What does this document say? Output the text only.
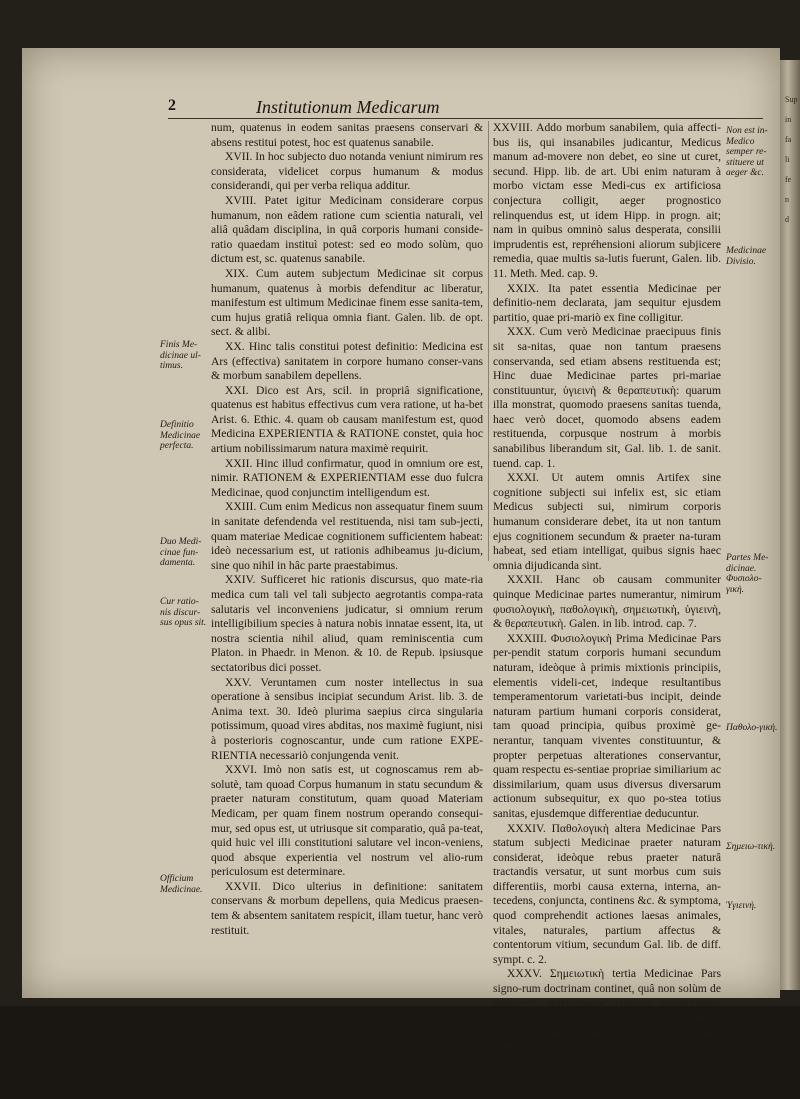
2	Institutionum Medicarum

num, quatenus in eodem sanitas praesens conservari & absens restitui potest, hoc est quatenus sanabile.

XVII. In hoc subjecto duo notanda veniunt nimirum res considerata, videlicet corpus humanum & modus considerandi, qui per verba reliqua additur.

XVIII. Patet igitur Medicinam considerare corpus humanum, non eâdem ratione cum scientia naturali, vel aliâ quâdam disciplina, in quâ corporis humani conside-ratio quaedam instituì potest: sed eo modo solùm, quo dictum est, sc. quatenus sanabile.

XIX. Cum autem subjectum Medicinae sit corpus humanum, quatenus à morbis defenditur ac liberatur, manifestum est ultimum Medicinae finem esse sanita-tem, cum hujus gratiâ reliqua omnia fiant. Galen. lib. de opt. sect. & alibi.

XX. Hinc talis constitui potest definitio: Medicina est Ars (effectiva) sanitatem in corpore humano conser-vans & morbum sanabilem depellens.

XXI. Dico est Ars, scil. in propriâ significatione, quatenus est habitus effectivus cum vera ratione, ut ha-bet Arist. 6. Ethic. 4. quam ob causam manifestum est, quod Medicina EXPERIENTIA & RATIONE constet, quia hoc artium nobilissimarum natura maximè requirit.

XXII. Hinc illud confirmatur, quod in omnium ore est, nimir. RATIONEM & EXPERIENTIAM esse duo fulcra Medicinae, quod conjunctim intelligendum est.

XXIII. Cum enim Medicus non assequatur finem suum in sanitate defendenda vel restituenda, nisi tam sub-jecti, quam materiae Medicae cognitionem sufficientem habeat: ideò necessarium est, ut rationis adhibeamus ju-dicium, sine quo nihil in hâc parte praestabimus.

XXIV. Sufficeret hic rationis discursus, quo mate-ria medica cum tali vel tali subjecto aegrotantis compa-rata salutaris vel inconveniens judicatur, si omnium rerum intelligibilium species à natura nobis innatae essent, ita, ut nostra scientia nihil aliud, quam reminiscentia cum Platon. in Phaedr. in Menon. & 10. de Repub. ipsiusque sectatoribus dici posset.

XXV. Veruntamen cum noster intellectus in sua operatione à sensibus incipiat secundum Arist. lib. 3. de Anima text. 30. Ideò plurima saepius circa singularia potissimum, quoad vires abditas, nos maximè fugiunt, nisi à posterioris cognoscantur, unde cum ratione EXPE-RIENTIA necessariò conjungenda venit.

XXVI. Imò non satis est, ut cognoscamus rem ab-solutè, tam quoad Corpus humanum in statu secundum & praeter naturam constitutum, quam quoad Materiam Medicam, per quam finem nostrum operando consequi-mur, sed opus est, ut utriusque sit comparatio, quâ pa-teat, quid huic vel illi constitutioni salutare vel incon-veniens, quod absque experientia vel nostrum vel alio-rum periculosum est determinare.

XXVII. Dico ulterius in definitione: sanitatem conservans & morbum depellens, quia Medicus praesen-tem & absentem sanitatem respicit, illam tuetur, hanc verò restituit.

XXVIII. Addo morbum sanabilem, quia affecti-bus iis, qui insanabiles judicantur, Medicus manum ad-movere non debet, eo sine ut curet, secund. Hipp. lib. de art. Ubi enim naturam à morbo victam esse Medi-cus ex artificiosa conjectura colligit, aeger prognostico relinquendus est, ut idem Hipp. in progn. ait; nam in quibus omninò salus desperata, consilii imprudentis est, repréhensioni aliorum subjicere remedia, quae multis sa-lutis fuerunt, Galen. lib. 11. Meth. Med. cap. 9.

XXIX. Ita patet essentia Medicinae per definitio-nem declarata, jam sequitur ejusdem partitio, quae pri-mariò ex fine colligitur.

XXX. Cum verò Medicinae praecipuus finis sit sa-nitas, quae non tantum praesens conservanda, sed etiam absens restituenda est; Hinc duae Medicinae partes pri-mariae constituuntur, ὑγιεινὴ & θεραπευτικὴ: quarum illa monstrat, quomodo praesens sanitas tuenda, haec verò docet, quomodo absens eadem restituenda, corpusque nostrum à morbis sanabilibus liberandum sit, Gal. lib. 1. de sanit. tuend. cap. 1.

XXXI. Ut autem omnis Artifex sine cognitione subjecti sui infelix est, sic etiam Medicus subjecti sui, nimirum corporis humanum considerare debet, ita ut non tantum ejus cognitionem secundum & praeter na-turam habeat, sed etiam intelligat, quibus signis haec omnia dijudicanda sint.

XXXII. Hanc ob causam communiter quinque Medicinae partes numerantur, nimirum φυσιολογικὴ, παθολογικὴ, σημειωτικὴ, ὑγιεινὴ, & θεραπευτικὴ. Galen. in lib. introd. cap. 7.

XXXIII. Φυσιολογικὴ Prima Medicinae Pars per-pendit statum corporis humani secundum naturam, ideòque à primis mixtionis principiis, elementis videli-cet, indeque resultantibus temperamentorum varietati-bus incipit, deinde naturam partium humani corporis considerat, tam quoad principia, quibus proximè ge-nerantur, tanquam viventes constituuntur, & propter perpetuas alterationes conservantur, quam respectu es-sentiae propriae similiarium ac dissimilarium, quam usus diversus diversarum actionum subsequitur, ex quo po-stea totius sanitas, ejusdemque differentiae deducuntur.

XXXIV. Παθολογικὴ altera Medicinae Pars statum subjecti Medicinae praeter naturam considerat, ideòque rebus praeter naturâ tractandis versatur, ut sunt morbus cum suis differentiis, morbi causa externa, interna, an-tecedens, conjuncta, continens &c. & symptoma, quod comprehendit actiones laesas animales, vitales, naturales, partium affectus & contentorum vitium, secundum Gal. lib. de diff. sympt. c. 2.

XXXV. Σημειωτικὴ tertia Medicinae Pars signo-rum doctrinam continet, quâ non solùm de praesenti, praeteritaque corporis constitutione judicamus, sed et-iam comparatione morbi ac natura subjecti eventum talem vel talem praedicimus.

XXXVI. Ὑγιεινὴ quarta Medicinae Pars, ea pro-ponit, quae ad sanitatem tuendam faciunt, sive ea-dem

Finis Me-dicinae ul-timus.
Definitio Medicinae perfecta.
Duo Medi-cinae fun-damenta.
Cur ratio-nis discur-sus opus sit.
Officium Medicinae.
Non est in-Medico semper re-stituere ut aeger &c.
Medicinae Divisio.
Partes Me-dicinae. Φυσιολο-γικὴ.
Παθολο-γικὴ.
Σημειω-τικὴ.
Ὑγιεινὴ.
Sup
in
fa
li
fe
n
d
